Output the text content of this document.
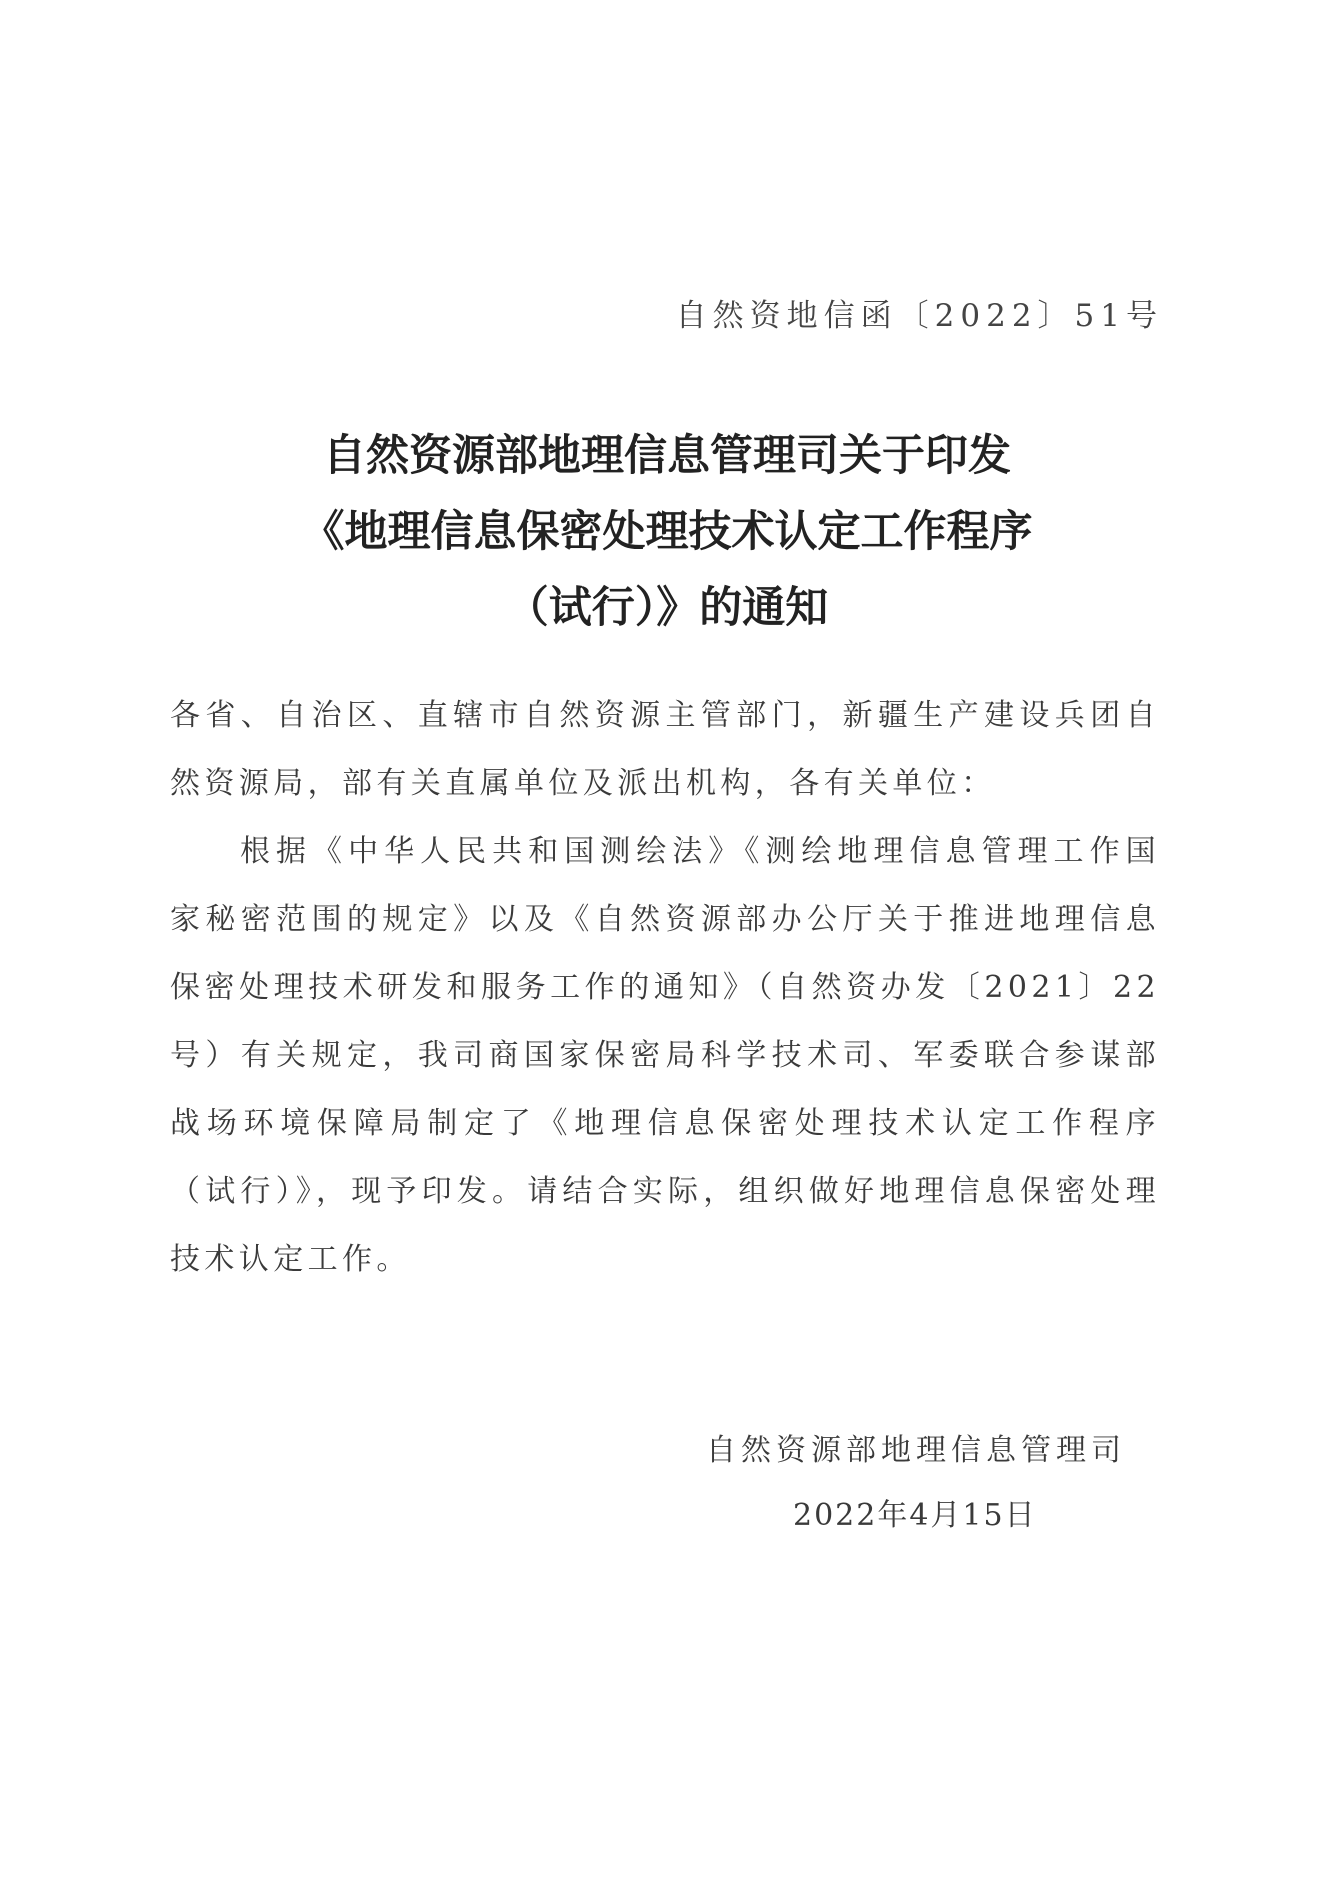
自然资地信函〔2022〕51号
自然资源部地理信息管理司关于印发
《地理信息保密处理技术认定工作程序
（试行）》的通知
各省、自治区、直辖市自然资源主管部门，新疆生产建设兵团自
然资源局，部有关直属单位及派出机构，各有关单位：
根据《中华人民共和国测绘法》《测绘地理信息管理工作国
家秘密范围的规定》以及《自然资源部办公厅关于推进地理信息
保密处理技术研发和服务工作的通知》（自然资办发〔2021〕22
号）有关规定，我司商国家保密局科学技术司、军委联合参谋部
战场环境保障局制定了《地理信息保密处理技术认定工作程序
（试行）》，现予印发。请结合实际，组织做好地理信息保密处理
技术认定工作。
自然资源部地理信息管理司
2022年4月15日
